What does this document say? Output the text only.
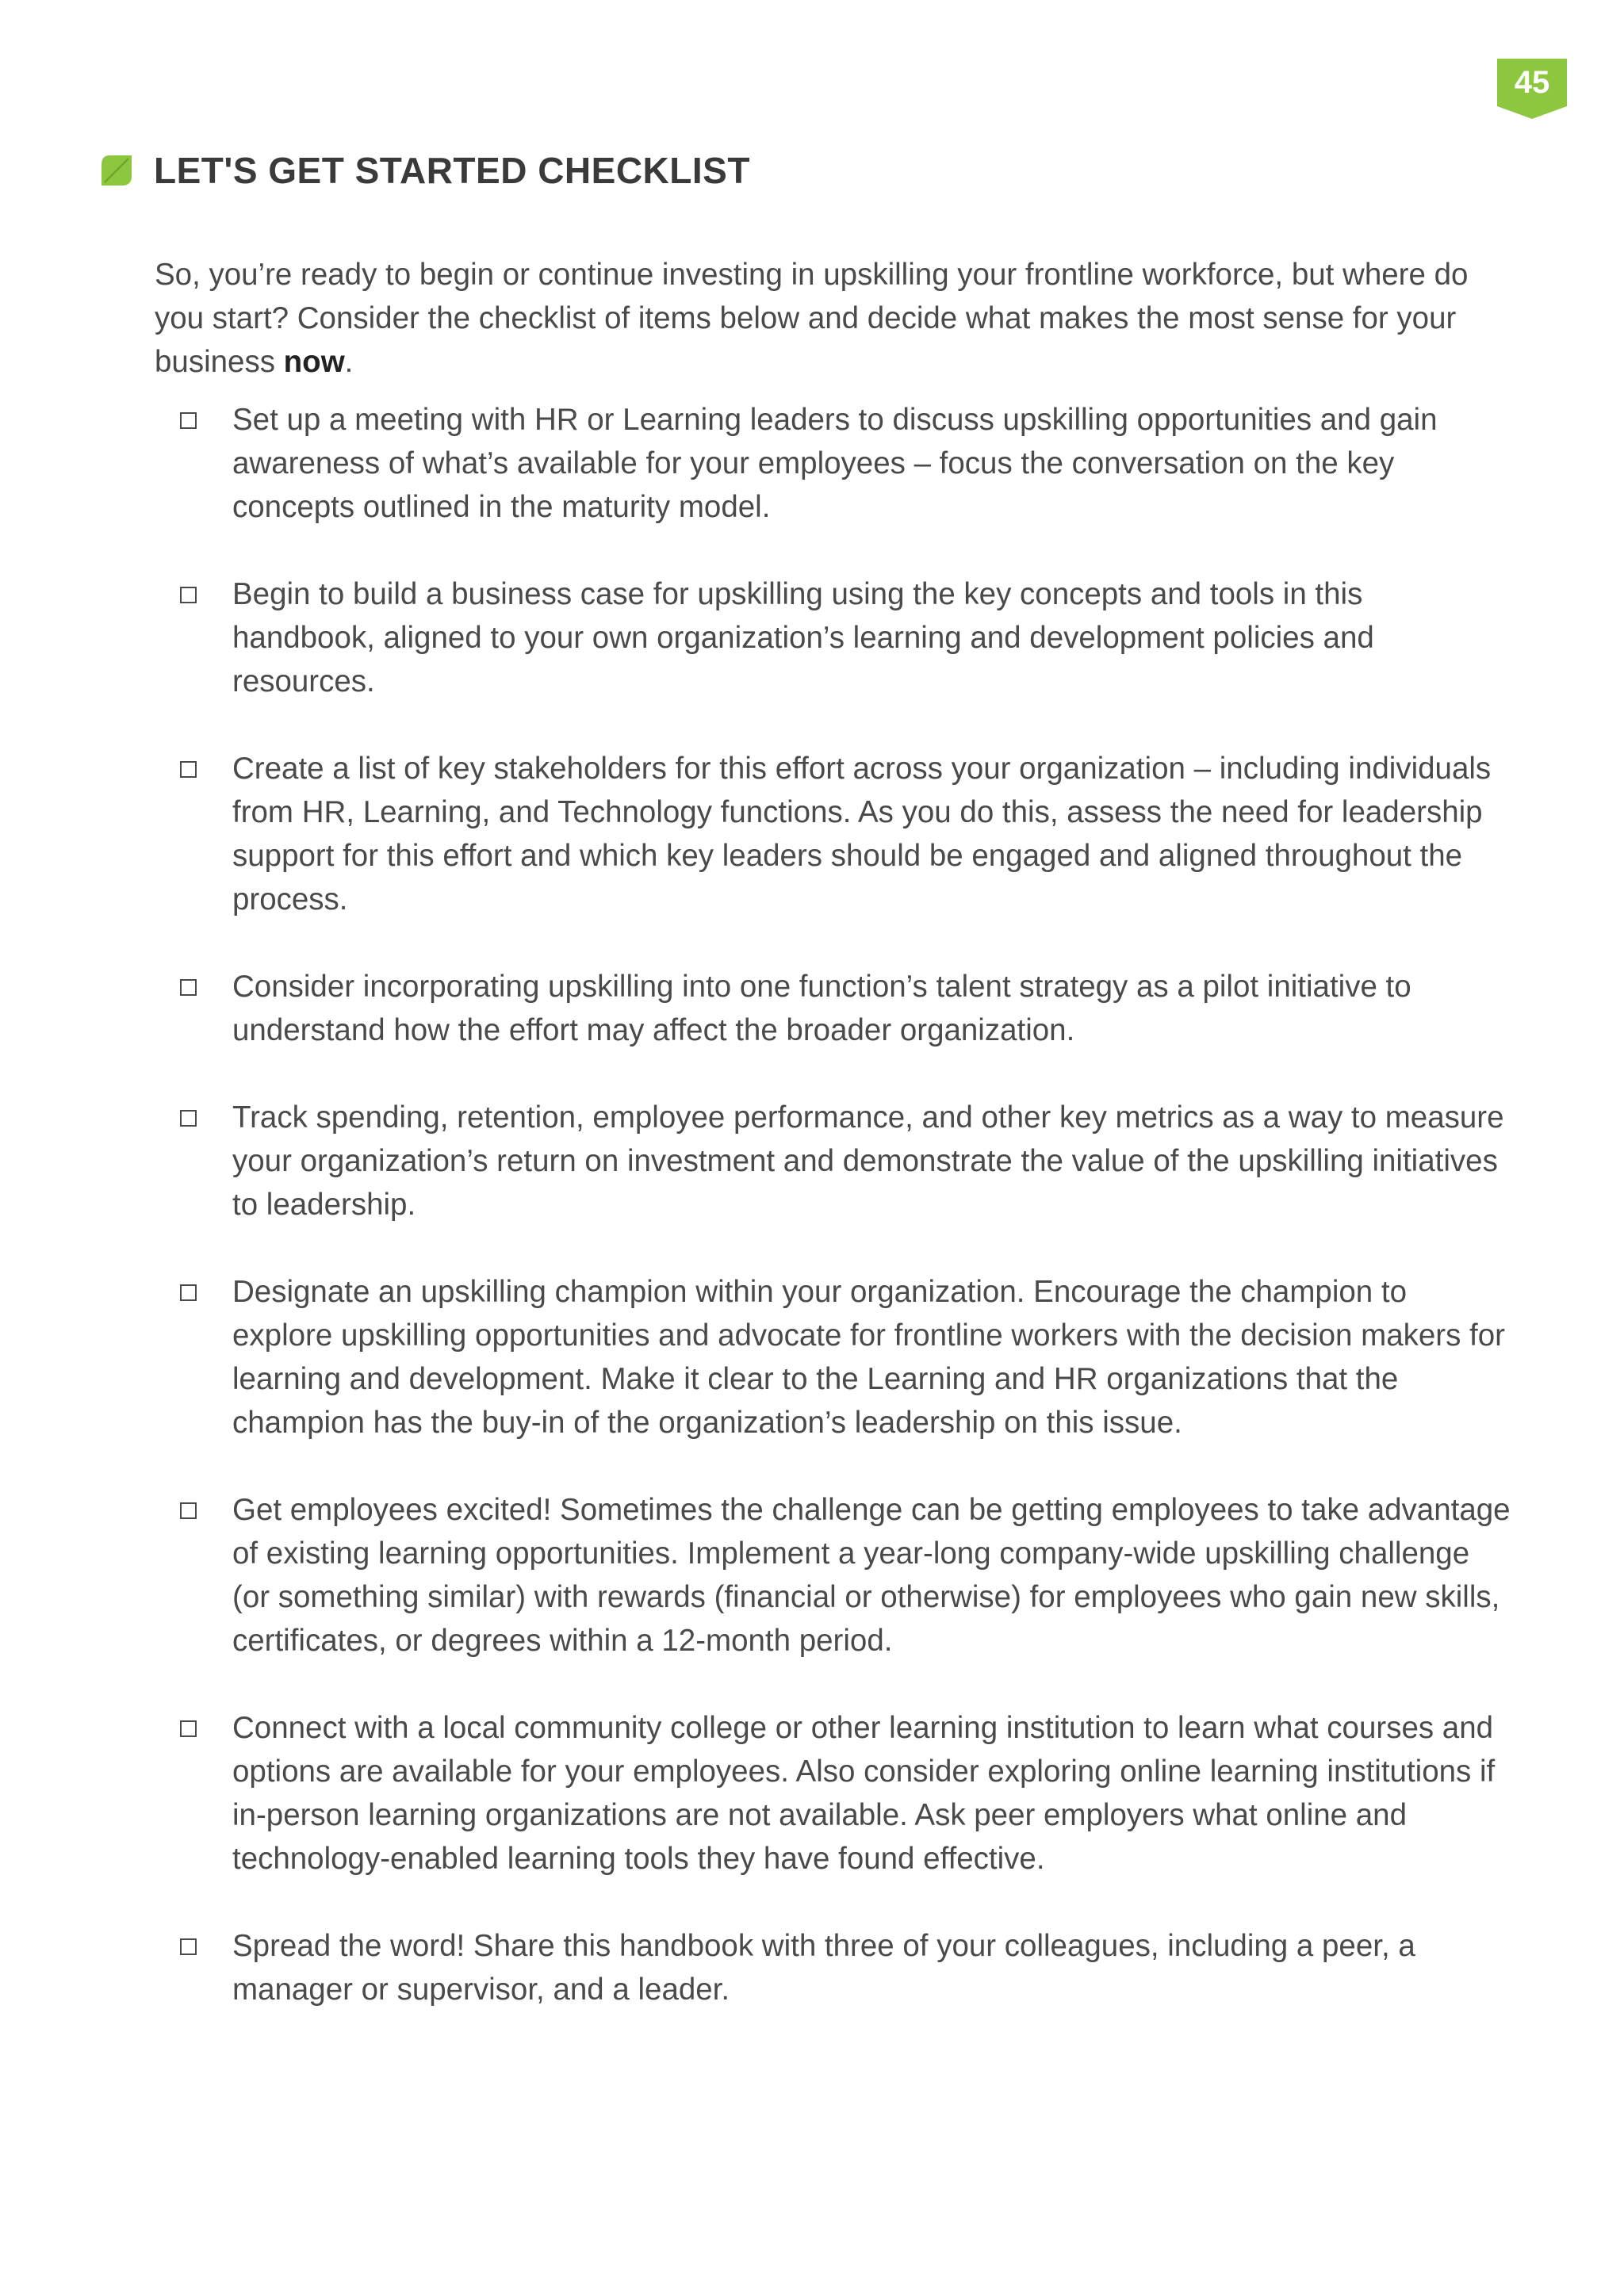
45
LET'S GET STARTED CHECKLIST

So, you’re ready to begin or continue investing in upskilling your frontline workforce, but where do you start? Consider the checklist of items below and decide what makes the most sense for your business now.

Set up a meeting with HR or Learning leaders to discuss upskilling opportunities and gain awareness of what’s available for your employees – focus the conversation on the key concepts outlined in the maturity model.
Begin to build a business case for upskilling using the key concepts and tools in this handbook, aligned to your own organization’s learning and development policies and resources.
Create a list of key stakeholders for this effort across your organization – including individuals from HR, Learning, and Technology functions. As you do this, assess the need for leadership support for this effort and which key leaders should be engaged and aligned throughout the process.
Consider incorporating upskilling into one function’s talent strategy as a pilot initiative to understand how the effort may affect the broader organization.
Track spending, retention, employee performance, and other key metrics as a way to measure your organization’s return on investment and demonstrate the value of the upskilling initiatives to leadership.
Designate an upskilling champion within your organization. Encourage the champion to explore upskilling opportunities and advocate for frontline workers with the decision makers for learning and development. Make it clear to the Learning and HR organizations that the champion has the buy-in of the organization’s leadership on this issue.
Get employees excited! Sometimes the challenge can be getting employees to take advantage of existing learning opportunities. Implement a year-long company-wide upskilling challenge (or something similar) with rewards (financial or otherwise) for employees who gain new skills, certificates, or degrees within a 12-month period.
Connect with a local community college or other learning institution to learn what courses and options are available for your employees. Also consider exploring online learning institutions if in-person learning organizations are not available. Ask peer employers what online and technology-enabled learning tools they have found effective.
Spread the word! Share this handbook with three of your colleagues, including a peer, a manager or supervisor, and a leader.
